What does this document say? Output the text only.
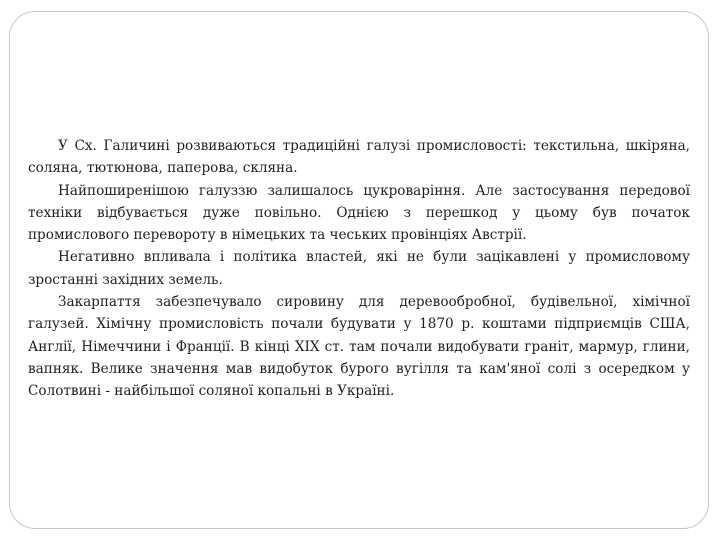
У Сх. Галичині розвиваються традиційні галузі промисловості: текстильна, шкіряна, соляна, тютюнова, паперова, скляна.

Найпоширенішою галуззю залишалось цукроваріння. Але застосування передової техніки відбувається дуже повільно. Однією з перешкод у цьому був початок промислового перевороту в німецьких та чеських провінціях Австрії.

Негативно впливала і політика властей, які не були зацікавлені у промисловому зростанні західних земель.

Закарпаття забезпечувало сировину для деревообробної, будівельної, хімічної галузей. Хімічну промисловість почали будувати у 1870 р. коштами підприємців США, Англії, Німеччини і Франції. В кінці XIX ст. там почали видобувати граніт, мармур, глини, вапняк. Велике значення мав видобуток бурого вугілля та кам'яної солі з осередком у Солотвині - найбільшої соляної копальні в Україні.
